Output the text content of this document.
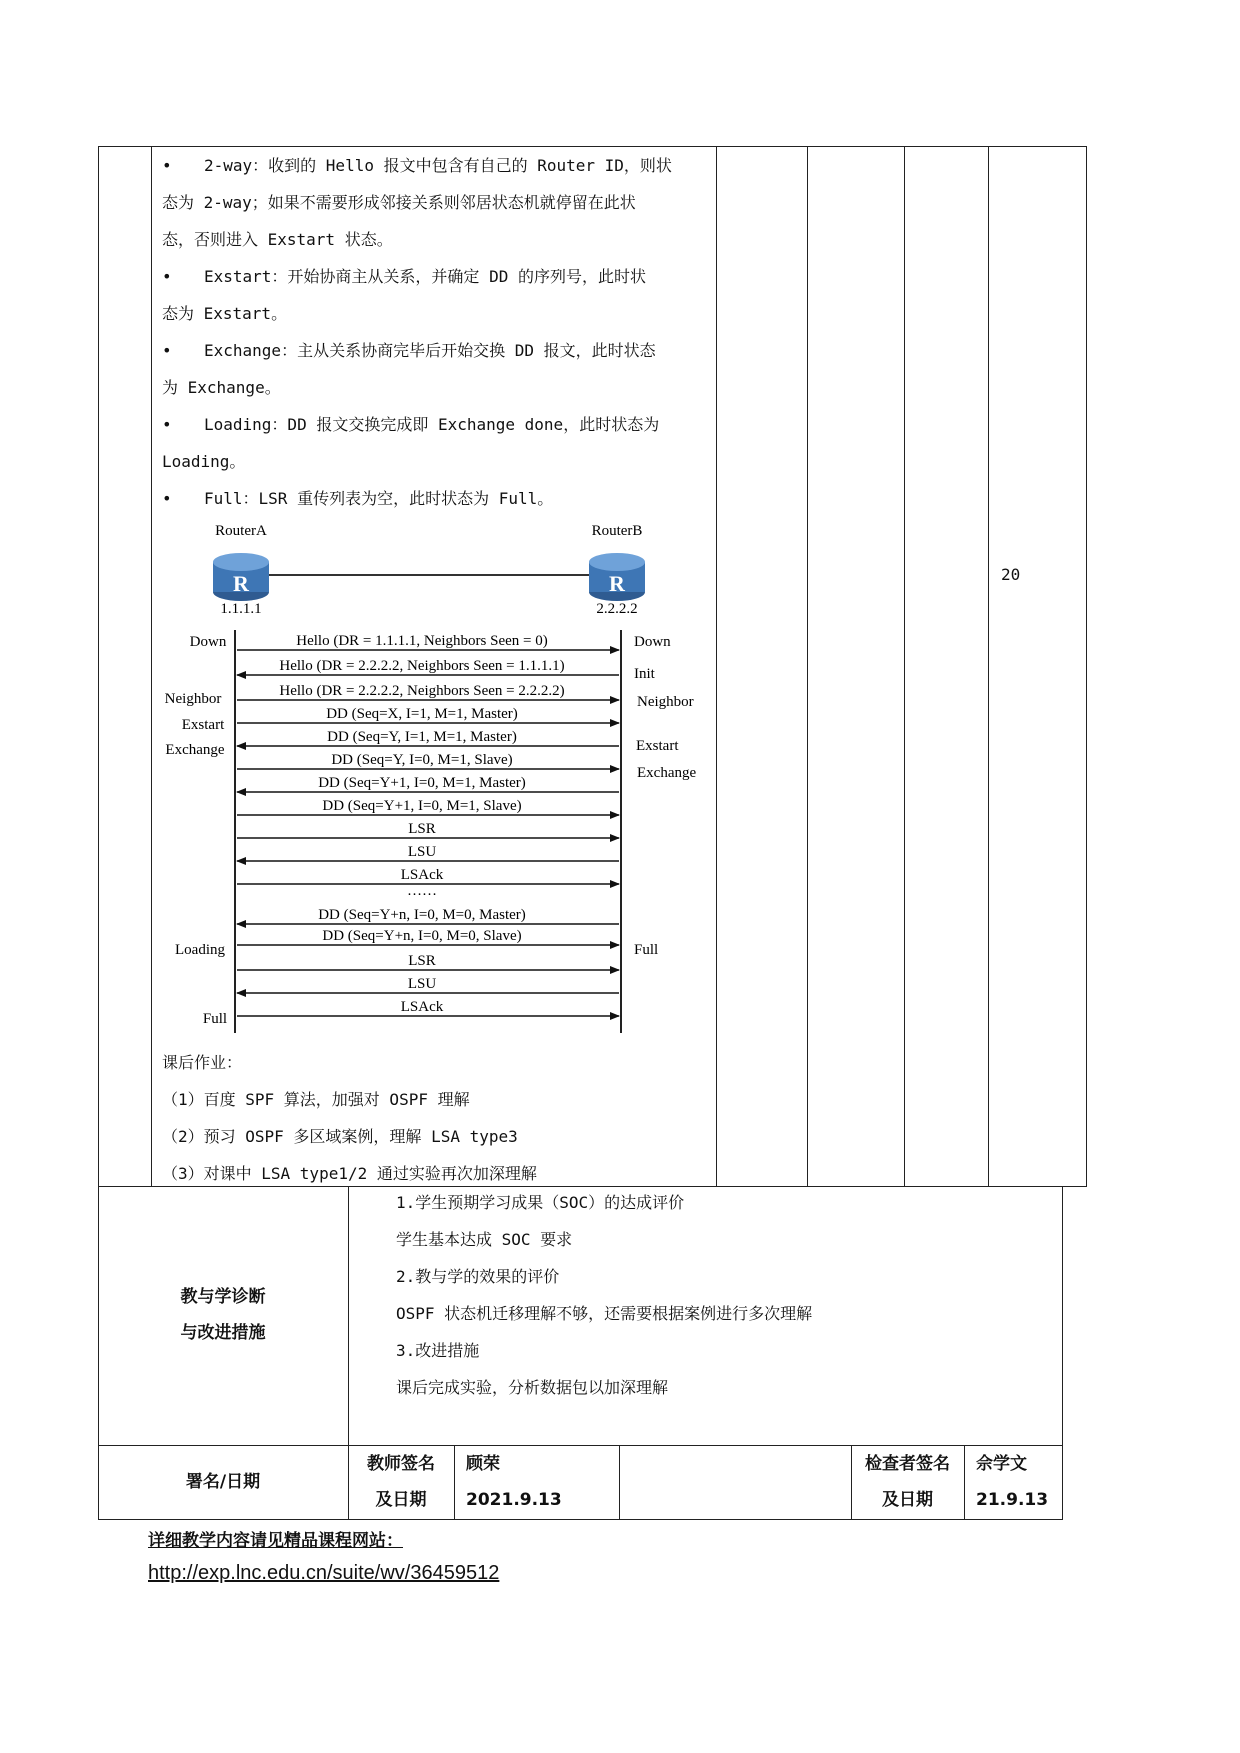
• 2-way：收到的 Hello 报文中包含有自己的 Router ID，则状
态为 2-way；如果不需要形成邻接关系则邻居状态机就停留在此状
态，否则进入 Exstart 状态。
• Exstart：开始协商主从关系，并确定 DD 的序列号，此时状
态为 Exstart。
• Exchange：主从关系协商完毕后开始交换 DD 报文，此时状态
为 Exchange。
• Loading：DD 报文交换完成即 Exchange done，此时状态为
Loading。
• Full：LSR 重传列表为空，此时状态为 Full。
20
R
RouterA
1.1.1.1
R
RouterB
2.2.2.2
Down
Neighbor
Exstart
Exchange
Loading
Full
Down
Init
Neighbor
Exstart
Exchange
Full
Hello (DR = 1.1.1.1, Neighbors Seen = 0)
Hello (DR = 2.2.2.2, Neighbors Seen = 1.1.1.1)
Hello (DR = 2.2.2.2, Neighbors Seen = 2.2.2.2)
DD (Seq=X, I=1, M=1, Master)
DD (Seq=Y, I=1, M=1, Master)
DD (Seq=Y, I=0, M=1, Slave)
DD (Seq=Y+1, I=0, M=1, Master)
DD (Seq=Y+1, I=0, M=1, Slave)
LSR
LSU
LSAck
……
DD (Seq=Y+n, I=0, M=0, Master)
DD (Seq=Y+n, I=0, M=0, Slave)
LSR
LSU
LSAck
课后作业：
（1）百度 SPF 算法，加强对 OSPF 理解
（2）预习 OSPF 多区域案例，理解 LSA type3
（3）对课中 LSA type1/2 通过实验再次加深理解
教与学诊断
与改进措施
1.学生预期学习成果（SOC）的达成评价
学生基本达成 SOC 要求
2.教与学的效果的评价
OSPF 状态机迁移理解不够，还需要根据案例进行多次理解
3.改进措施
课后完成实验，分析数据包以加深理解
署名/日期
教师签名
及日期
顾荣
2021.9.13
检查者签名
及日期
佘学文
21.9.13
详细教学内容请见精品课程网站：
http://exp.lnc.edu.cn/suite/wv/36459512
